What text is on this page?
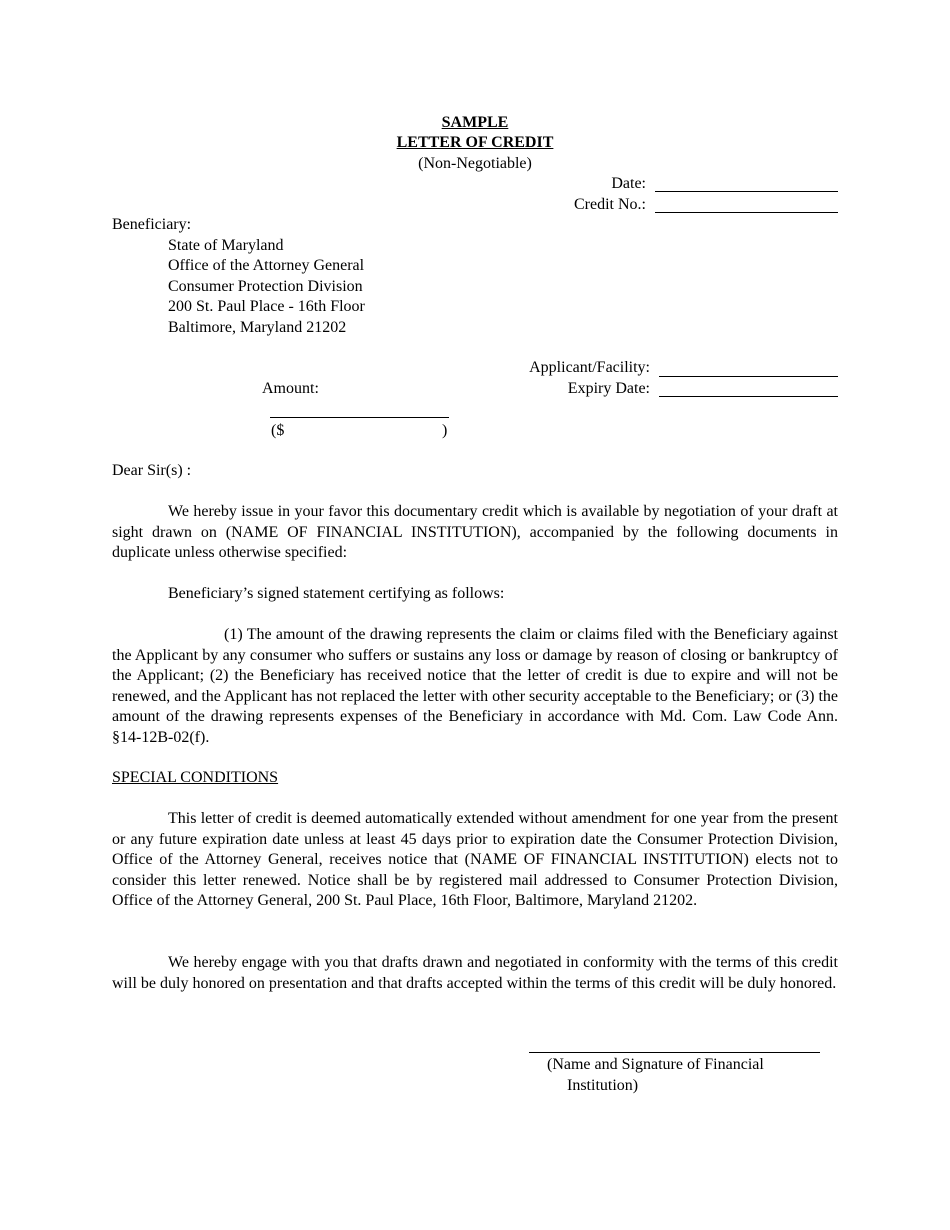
SAMPLE
LETTER OF CREDIT
(Non-Negotiable)
Date:
Credit No.:
Beneficiary:
State of Maryland
Office of the Attorney General
Consumer Protection Division
200 St. Paul Place - 16th Floor
Baltimore, Maryland 21202
Applicant/Facility:
Expiry Date:
Amount:
($	)
Dear Sir(s) :
We hereby issue in your favor this documentary credit which is available by negotiation of your draft at sight drawn on (NAME OF FINANCIAL INSTITUTION), accompanied by the following documents in duplicate unless otherwise specified:
Beneficiary’s signed statement certifying as follows:
(1) The amount of the drawing represents the claim or claims filed with the Beneficiary against the Applicant by any consumer who suffers or sustains any loss or damage by reason of closing or bankruptcy of the Applicant; (2) the Beneficiary has received notice that the letter of credit is due to expire and will not be renewed, and the Applicant has not replaced the letter with other security acceptable to the Beneficiary; or (3) the amount of the drawing represents expenses of the Beneficiary in accordance with Md. Com. Law Code Ann. §14-12B-02(f).
SPECIAL CONDITIONS
This letter of credit is deemed automatically extended without amendment for one year from the present or any future expiration date unless at least 45 days prior to expiration date the Consumer Protection Division, Office of the Attorney General, receives notice that (NAME OF FINANCIAL INSTITUTION) elects not to consider this letter renewed. Notice shall be by registered mail addressed to Consumer Protection Division, Office of the Attorney General, 200 St. Paul Place, 16th Floor, Baltimore, Maryland 21202.
We hereby engage with you that drafts drawn and negotiated in conformity with the terms of this credit will be duly honored on presentation and that drafts accepted within the terms of this credit will be duly honored.
(Name and Signature of Financial
Institution)
